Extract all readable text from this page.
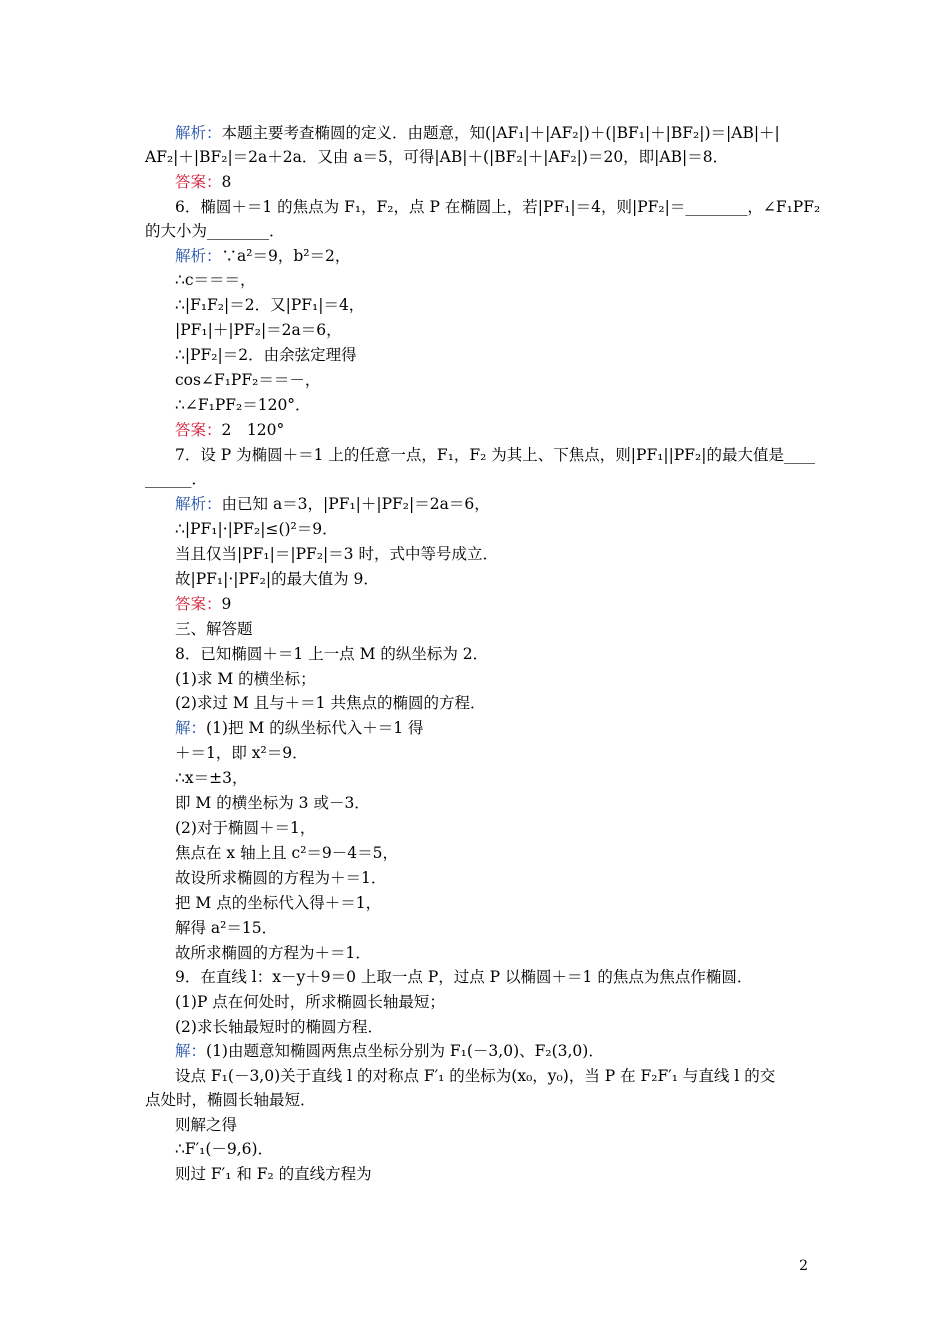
解析：本题主要考查椭圆的定义．由题意，知(|AF₁|＋|AF₂|)＋(|BF₁|＋|BF₂|)＝|AB|＋|
AF₂|＋|BF₂|＝2a＋2a．又由 a＝5，可得|AB|＋(|BF₂|＋|AF₂|)＝20，即|AB|＝8．
答案：8
6．椭圆＋＝1 的焦点为 F₁，F₂，点 P 在椭圆上，若|PF₁|＝4，则|PF₂|＝________，∠F₁PF₂
的大小为________．
解析：∵a²＝9，b²＝2，
∴c＝＝＝，
∴|F₁F₂|＝2．又|PF₁|＝4，
|PF₁|＋|PF₂|＝2a＝6，
∴|PF₂|＝2．由余弦定理得
cos∠F₁PF₂＝＝－，
∴∠F₁PF₂＝120°．
答案：2　120°
7．设 P 为椭圆＋＝1 上的任意一点，F₁，F₂ 为其上、下焦点，则|PF₁||PF₂|的最大值是____
______．
解析：由已知 a＝3，|PF₁|＋|PF₂|＝2a＝6，
∴|PF₁|·|PF₂|≤()²＝9．
当且仅当|PF₁|＝|PF₂|＝3 时，式中等号成立．
故|PF₁|·|PF₂|的最大值为 9．
答案：9
三、解答题
8．已知椭圆＋＝1 上一点 M 的纵坐标为 2．
(1)求 M 的横坐标；
(2)求过 M 且与＋＝1 共焦点的椭圆的方程．
解：(1)把 M 的纵坐标代入＋＝1 得
＋＝1，即 x²＝9．
∴x＝±3，
即 M 的横坐标为 3 或－3．
(2)对于椭圆＋＝1，
焦点在 x 轴上且 c²＝9－4＝5，
故设所求椭圆的方程为＋＝1．
把 M 点的坐标代入得＋＝1，
解得 a²＝15．
故所求椭圆的方程为＋＝1．
9．在直线 l：x－y＋9＝0 上取一点 P，过点 P 以椭圆＋＝1 的焦点为焦点作椭圆．
(1)P 点在何处时，所求椭圆长轴最短；
(2)求长轴最短时的椭圆方程．
解：(1)由题意知椭圆两焦点坐标分别为 F₁(－3,0)、F₂(3,0)．
设点 F₁(－3,0)关于直线 l 的对称点 F′₁ 的坐标为(x₀，y₀)，当 P 在 F₂F′₁ 与直线 l 的交
点处时，椭圆长轴最短．
则解之得
∴F′₁(－9,6)．
则过 F′₁ 和 F₂ 的直线方程为
2
